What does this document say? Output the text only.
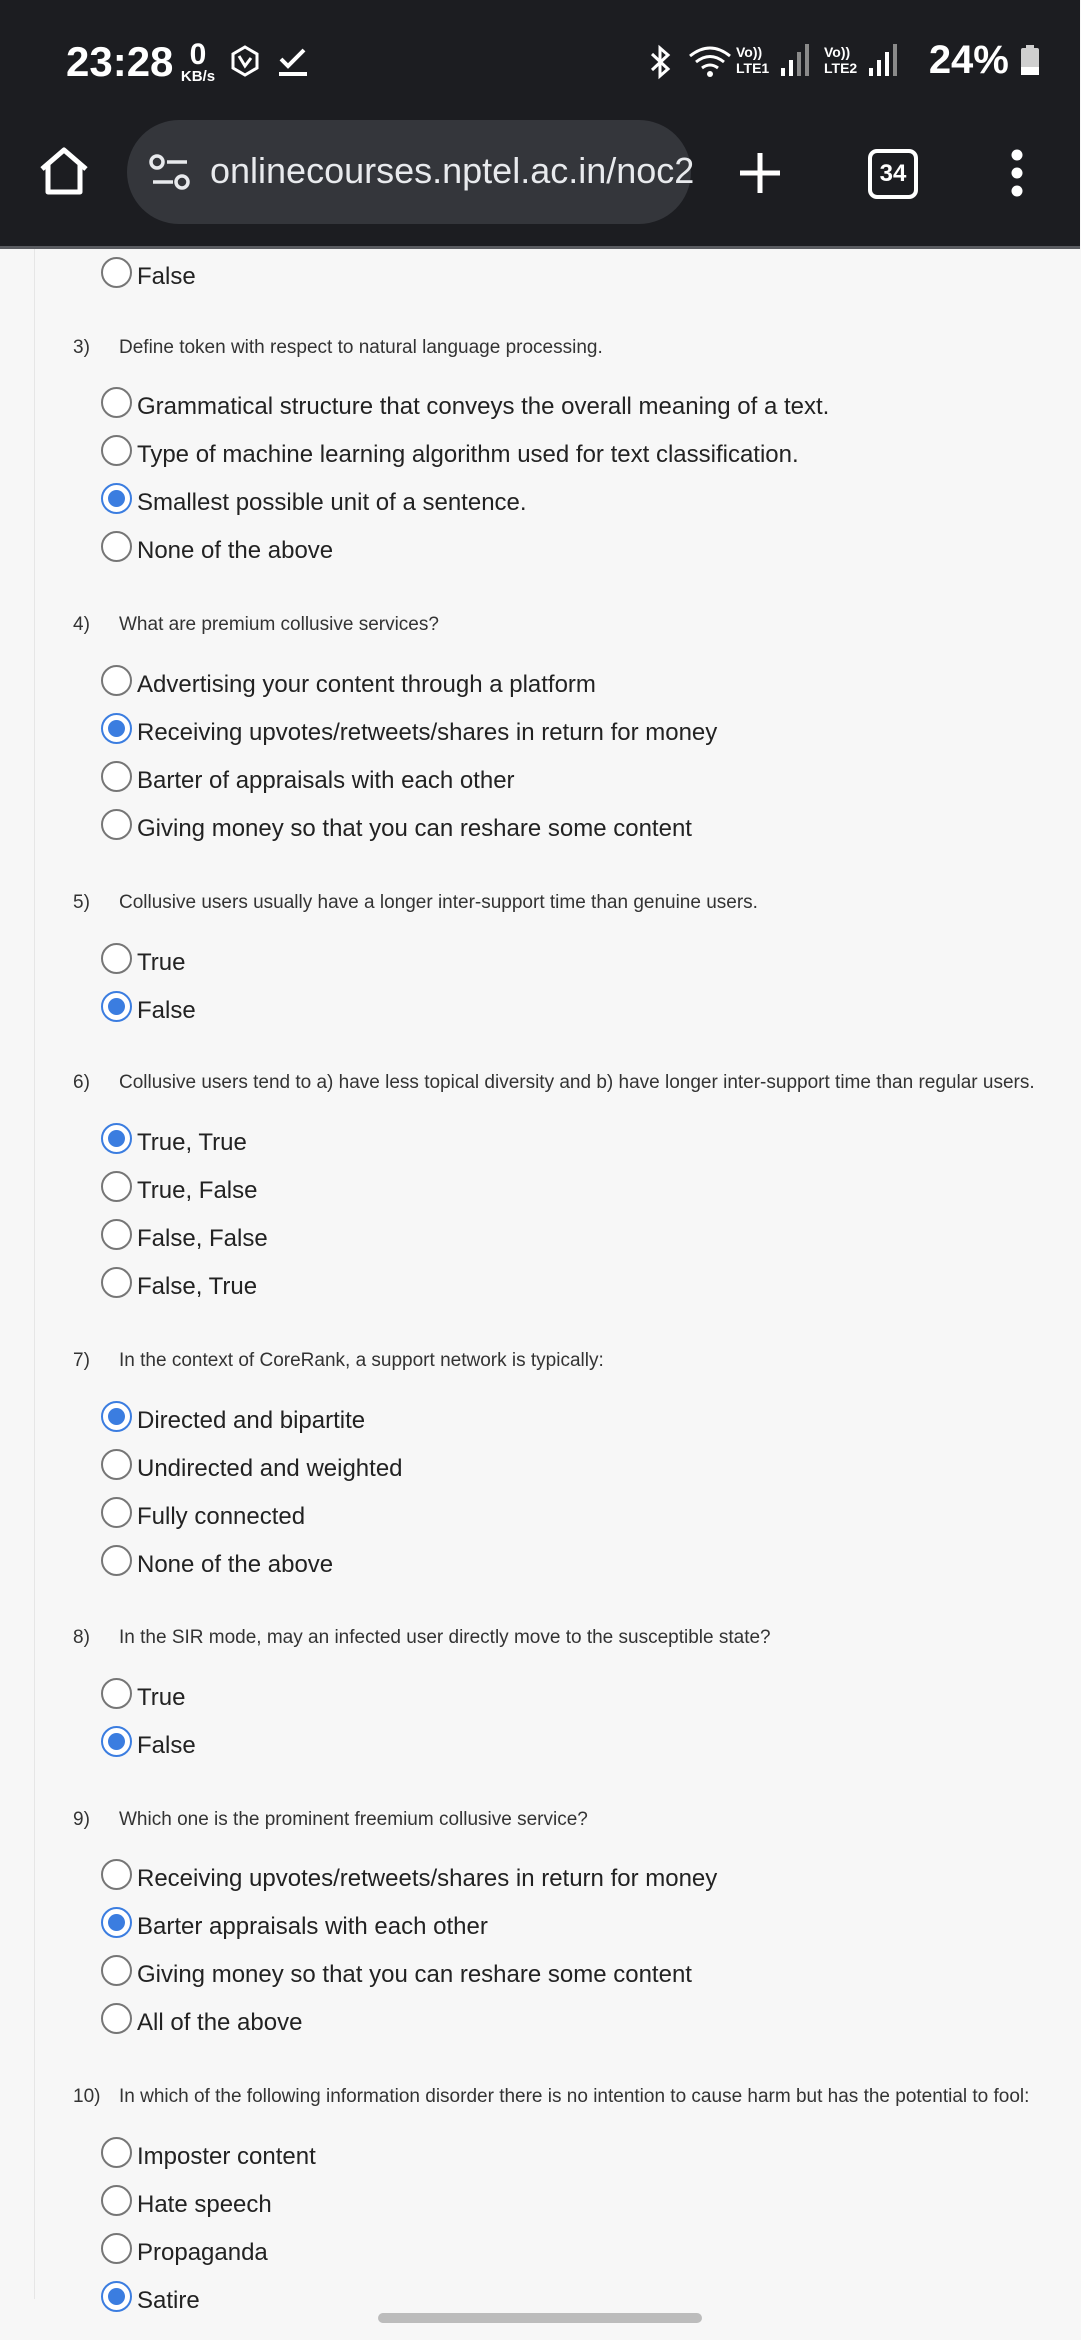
23:28 0
KB/s
Vo)) LTE1
Vo)) LTE2 24%
onlinecourses.nptel.ac.in/noc2	34
False
3) Define token with respect to natural language processing.
Grammatical structure that conveys the overall meaning of a text.
Type of machine learning algorithm used for text classification.
Smallest possible unit of a sentence.
None of the above
4) What are premium collusive services?
Advertising your content through a platform
Receiving upvotes/retweets/shares in return for money
Barter of appraisals with each other
Giving money so that you can reshare some content
5) Collusive users usually have a longer inter-support time than genuine users.
True
False
6) Collusive users tend to a) have less topical diversity and b) have longer inter-support time than regular users.
True, True
True, False
False, False
False, True
7) In the context of CoreRank, a support network is typically:
Directed and bipartite
Undirected and weighted
Fully connected
None of the above
8) In the SIR mode, may an infected user directly move to the susceptible state?
True
False
9) Which one is the prominent freemium collusive service?
Receiving upvotes/retweets/shares in return for money
Barter appraisals with each other
Giving money so that you can reshare some content
All of the above
10) In which of the following information disorder there is no intention to cause harm but has the potential to fool:
Imposter content
Hate speech
Propaganda
Satire
